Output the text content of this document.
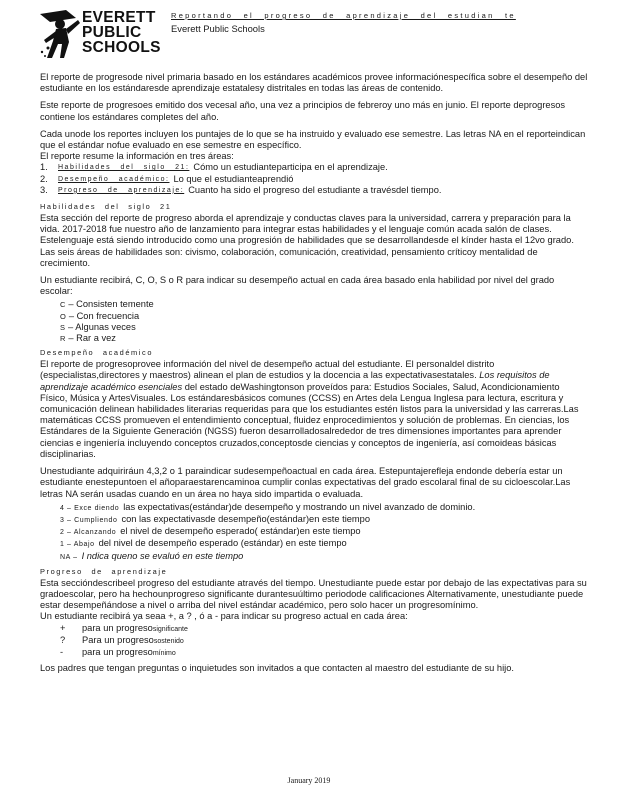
EVERETT
PUBLIC
SCHOOLS
Reportando el progreso de aprendizaje del estudian te
Everett Public Schools

El reporte de progresode nivel primaria basado en los estándares académicos provee informaciónespecífica sobre el desempeño del estudiante en los estándaresde aprendizaje estatalesy distritales en todas las áreas de contenido.

Este reporte de progresoes emitido dos vecesal año, una vez a principios de febreroy uno más en junio. El reporte deprogresos contiene los estándares completes del año.

Cada unode los reportes incluyen los puntajes de lo que se ha instruido y evaluado ese semestre. Las letras NA en el reporteindican que el estándar nofue evaluado en ese semestre en específico.

El reporte resume la información en tres áreas:
1.	Habilidades del siglo 21: Cómo un estudianteparticipa en el aprendizaje.
2.	Desempeño académico: Lo que el estudianteaprendió
3.	Progreso de aprendizaje: Cuanto ha sido el progreso del estudiante a travésdel tiempo.
Habilidades del siglo 21

Esta sección del reporte de progreso aborda el aprendizaje y conductas claves para la universidad, carrera y preparación para la vida. 2017-2018 fue nuestro año de lanzamiento para integrar estas habilidades y el lenguaje común acada salón de clases. Estelenguaje está siendo introducido como una progresión de habilidades que se desarrollandesde el kínder hasta el 12vo grado. Las seis áreas de habilidades son: civismo, colaboración, comunicación, creatividad, pensamiento críticoy mentalidad de crecimiento.

Un estudiante recibirá, C, O, S o R para indicar su desempeño actual en cada área basado enla habilidad por nivel del grado escolar:

C – Consisten temente
O – Con frecuencia
S – Algunas veces
R – Rar a vez
Desempeño académico

El reporte de progresoprovee información del nivel de desempeño actual del estudiante. El personaldel distrito (especialistas,directores y maestros) alinean el plan de estudios y la docencia a las expectativasestatales. Los requisitos de aprendizaje académico esenciales del estado deWashingtonson proveídos para: Estudios Sociales, Salud, Acondicionamiento Físico, Música y ArtesVisuales. Los estándaresbásicos comunes (CCSS) en Artes dela Lengua Inglesa para lectura, escritura y comunicación delinean habilidades literarias requeridas para que los estudiantes estén listos para la universidad y las carreras.Las matemáticas CCSS promueven el entendimiento conceptual, fluidez enprocedimientos y solución de problemas. En ciencias, los Estándares de la Siguiente Generación (NGSS) fueron desarrolladosalrededor de tres dimensiones importantes para aprender ciencias e ingeniería incluyendo conceptos cruzados,conceptosde ciencias y conceptos de ingeniería, así comoideas básicas disciplinarias.

Unestudiante adquiriráun 4,3,2 o 1 paraindicar sudesempeñoactual en cada área. Estepuntajerefleja endonde debería estar un estudiante enestepuntoen el añoparaestarencaminoa cumplir conlas expectativas del grado escolaral final de su cicloescolar.Las letras NA serán usadas cuando en un área no haya sido impartida o evaluada.

4 – Exce diendo las expectativas(estándar)de desempeño y mostrando un nivel avanzado de dominio.
3 – Cumpliendo con las expectativasde desempeño(estándar)en este tiempo
2 – Alcanzando el nivel de desempeño esperado( estándar)en este tiempo
1 – Abajo del nivel de desempeño esperado (estándar) en este tiempo
NA – I ndica queno se evaluó en este tiempo
Progreso de aprendizaje

Esta seccióndescribeel progreso del estudiante através del tiempo. Unestudiante puede estar por debajo de las expectativas para su gradoescolar, pero ha hechounprogreso significante durantesuúltimo periodode calificaciones Alternativamente, unestudiante puede estar desempeñándose a nivel o arriba del nivel estándar académico, pero solo hacer un progresomínimo.

Un estudiante recibirá ya seaa +, a ? , ó a - para indicar su progreso actual en cada área:
+ para un progresosignificante
? Para un progresosostenido
- para un progresomínimo

Los padres que tengan preguntas o inquietudes son invitados a que contacten al maestro del estudiante de su hijo.

January 2019
